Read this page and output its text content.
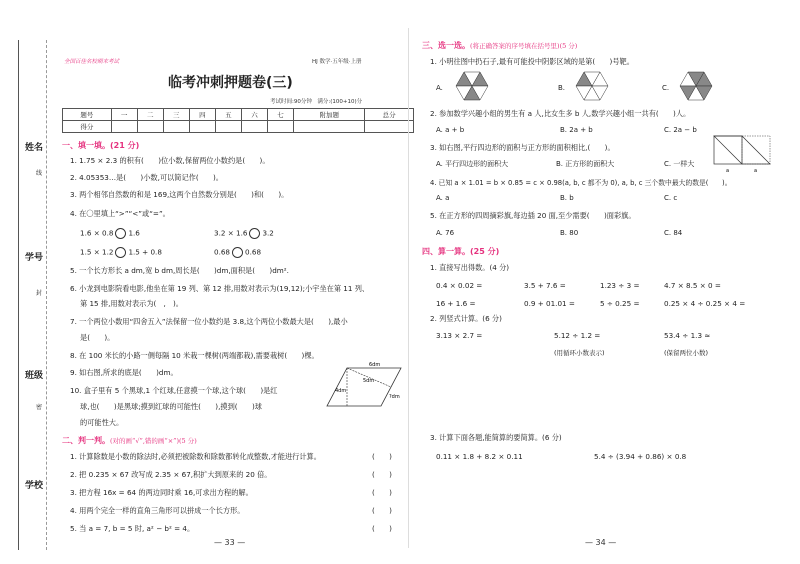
姓名
学号
班级
学校
线
封
密
全国百佳名校期末考试	HJ 数学·五年级·上册
临考冲刺押题卷(三)
考试时间:90分钟　满分:(100+10)分
题号	一	二	三	四	五	六	七	附加题	总分
得分									
一、填一填。(21 分)
1. 1.75 × 2.3 的积有(　　)位小数,保留两位小数约是(　　)。
2. 4.05353…是(　　)小数,可以简记作(　　)。
3. 两个相邻自然数的和是 169,这两个自然数分别是(　　)和(　　)。
4. 在〇里填上“>”“<”或“=”。
1.6 × 0.8 1.6	3.2 × 1.6 3.2
1.5 × 1.2 1.5 + 0.8	0.68 0.68
5. 一个长方形长 a dm,宽 b dm,周长是(　　)dm,面积是(　　)dm².
6. 小龙到电影院看电影,他坐在第 19 列、第 12 排,用数对表示为(19,12);小宇坐在第 11 列、
第 15 排,用数对表示为(　,　)。
7. 一个两位小数用“四舍五入”法保留一位小数约是 3.8,这个两位小数最大是(　　),最小
是(　　)。
8. 在 100 米长的小路一侧每隔 10 米栽一棵树(两端都栽),需要栽树(　　)棵。
9. 如右图,所求的底是(　　)dm。
10. 盒子里有 5 个黑球,1 个红球,任意摸一个球,这个球(　　)是红
球,也(　　)是黑球;摸到红球的可能性(　　),摸到(　　)球
的可能性大。
6dm
5dm
4dm
?dm
二、判一判。(对的画“√”,错的画“×”)(5 分)
1. 计算除数是小数的除法时,必须把被除数和除数都转化成整数,才能进行计算。
2. 把 0.235 × 67 改写成 2.35 × 67,积扩大到原来的 20 倍。
3. 把方程 16x = 64 的两边同时乘 16,可求出方程的解。
4. 用两个完全一样的直角三角形可以拼成一个长方形。
5. 当 a = 7, b = 5 时, a² − b² = 4。
(　　)
(　　)
(　　)
(　　)
(　　)
— 33 —
三、选一选。(将正确答案的序号填在括号里)(5 分)
1. 小明往图中扔石子,最有可能投中阴影区域的是第(　　)号靶。
A.	B.	C.
2. 参加数学兴趣小组的男生有 a 人,比女生多 b 人,数学兴趣小组一共有(　　)人。
A. a + b	B. 2a + b	C. 2a − b
3. 如右图,平行四边形的面积与正方形的面积相比,(　　)。
A. 平行四边形的面积大	B. 正方形的面积大	C. 一样大
a	a
4. 已知 a × 1.01 = b × 0.85 = c × 0.98(a, b, c 都不为 0), a, b, c 三个数中最大的数是(　　)。
A. a	B. b	C. c
5. 在正方形的四周摘彩旗,每边插 20 面,至少需要(　　)面彩旗。
A. 76	B. 80	C. 84
四、算一算。(25 分)
1. 直接写出得数。(4 分)
0.4 × 0.02 =	3.5 + 7.6 =	1.23 ÷ 3 =	4.7 × 8.5 × 0 =
16 + 1.6 =	0.9 + 01.01 =	5 ÷ 0.25 =	0.25 × 4 ÷ 0.25 × 4 =
2. 列竖式计算。(6 分)
3.13 × 2.7 =	5.12 ÷ 1.2 =	53.4 ÷ 1.3 ≈
(用循环小数表示)	(保留两位小数)
3. 计算下面各题,能简算的要简算。(6 分)
0.11 × 1.8 + 8.2 × 0.11	5.4 ÷ (3.94 + 0.86) × 0.8
— 34 —
